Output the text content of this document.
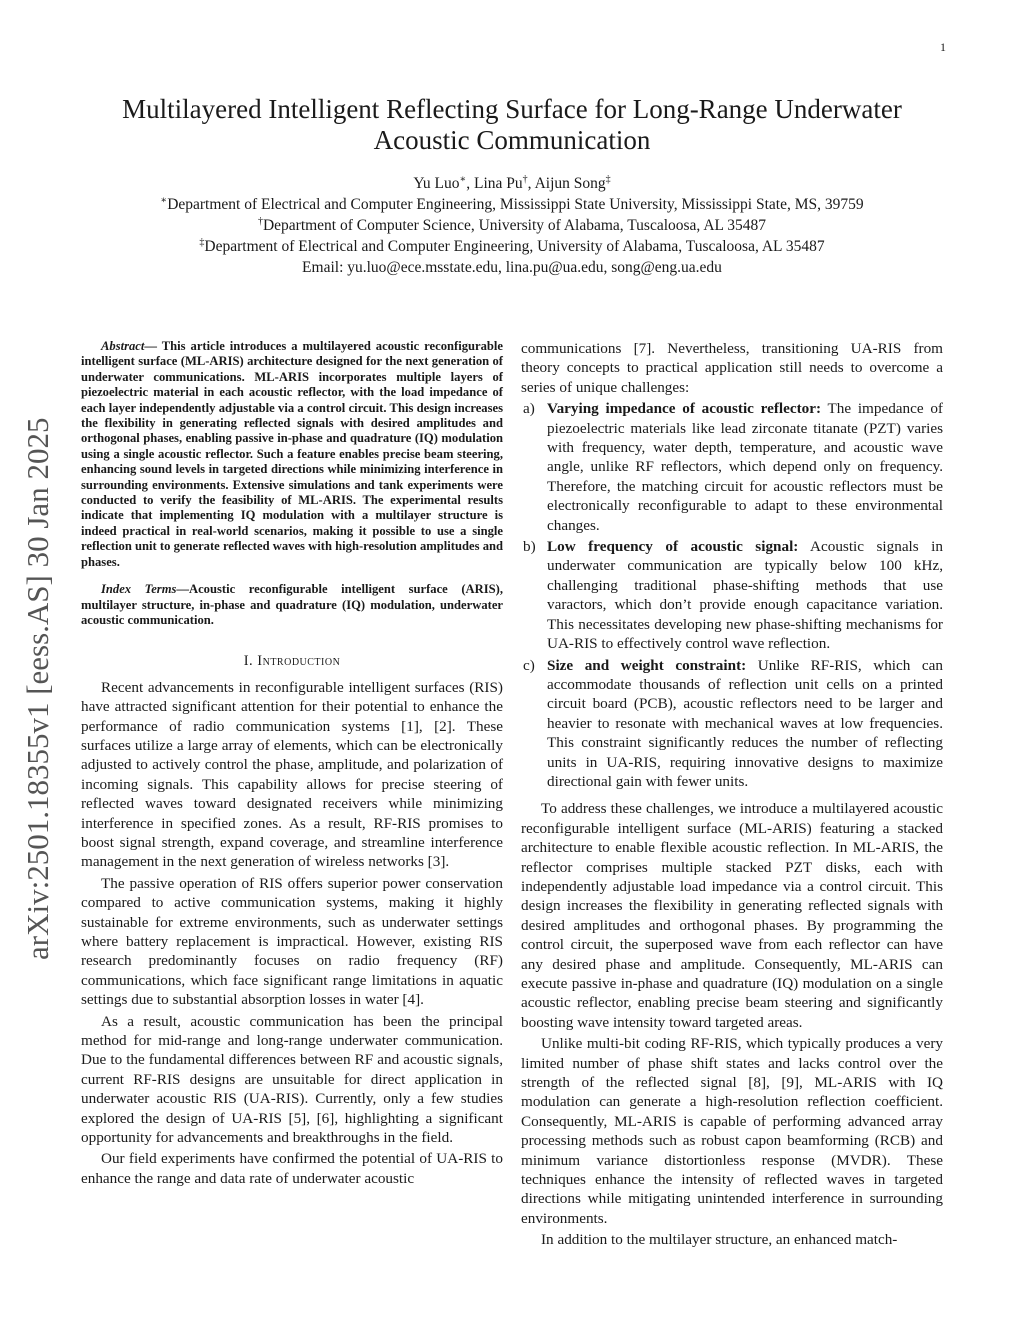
1
arXiv:2501.18355v1 [eess.AS] 30 Jan 2025
Multilayered Intelligent Reflecting Surface for Long-Range Underwater Acoustic Communication
Yu Luo∗, Lina Pu†, Aijun Song‡
∗Department of Electrical and Computer Engineering, Mississippi State University, Mississippi State, MS, 39759
†Department of Computer Science, University of Alabama, Tuscaloosa, AL 35487
‡Department of Electrical and Computer Engineering, University of Alabama, Tuscaloosa, AL 35487
Email: yu.luo@ece.msstate.edu, lina.pu@ua.edu, song@eng.ua.edu

Abstract— This article introduces a multilayered acoustic reconfigurable intelligent surface (ML-ARIS) architecture designed for the next generation of underwater communications. ML-ARIS incorporates multiple layers of piezoelectric material in each acoustic reflector, with the load impedance of each layer independently adjustable via a control circuit. This design increases the flexibility in generating reflected signals with desired amplitudes and orthogonal phases, enabling passive in-phase and quadrature (IQ) modulation using a single acoustic reflector. Such a feature enables precise beam steering, enhancing sound levels in targeted directions while minimizing interference in surrounding environments. Extensive simulations and tank experiments were conducted to verify the feasibility of ML-ARIS. The experimental results indicate that implementing IQ modulation with a multilayer structure is indeed practical in real-world scenarios, making it possible to use a single reflection unit to generate reflected waves with high-resolution amplitudes and phases.

Index Terms—Acoustic reconfigurable intelligent surface (ARIS), multilayer structure, in-phase and quadrature (IQ) modulation, underwater acoustic communication.

I. Introduction

Recent advancements in reconfigurable intelligent surfaces (RIS) have attracted significant attention for their potential to enhance the performance of radio communication systems [1], [2]. These surfaces utilize a large array of elements, which can be electronically adjusted to actively control the phase, amplitude, and polarization of incoming signals. This capability allows for precise steering of reflected waves toward designated receivers while minimizing interference in specified zones. As a result, RF-RIS promises to boost signal strength, expand coverage, and streamline interference management in the next generation of wireless networks [3].

The passive operation of RIS offers superior power conservation compared to active communication systems, making it highly sustainable for extreme environments, such as underwater settings where battery replacement is impractical. However, existing RIS research predominantly focuses on radio frequency (RF) communications, which face significant range limitations in aquatic settings due to substantial absorption losses in water [4].

As a result, acoustic communication has been the principal method for mid-range and long-range underwater communication. Due to the fundamental differences between RF and acoustic signals, current RF-RIS designs are unsuitable for direct application in underwater acoustic RIS (UA-RIS). Currently, only a few studies explored the design of UA-RIS [5], [6], highlighting a significant opportunity for advancements and breakthroughs in the field.

Our field experiments have confirmed the potential of UA-RIS to enhance the range and data rate of underwater acoustic

communications [7]. Nevertheless, transitioning UA-RIS from theory concepts to practical application still needs to overcome a series of unique challenges:

a) Varying impedance of acoustic reflector: The impedance of piezoelectric materials like lead zirconate titanate (PZT) varies with frequency, water depth, temperature, and acoustic wave angle, unlike RF reflectors, which depend only on frequency. Therefore, the matching circuit for acoustic reflectors must be electronically reconfigurable to adapt to these environmental changes.
b) Low frequency of acoustic signal: Acoustic signals in underwater communication are typically below 100 kHz, challenging traditional phase-shifting methods that use varactors, which don’t provide enough capacitance variation. This necessitates developing new phase-shifting mechanisms for UA-RIS to effectively control wave reflection.
c) Size and weight constraint: Unlike RF-RIS, which can accommodate thousands of reflection unit cells on a printed circuit board (PCB), acoustic reflectors need to be larger and heavier to resonate with mechanical waves at low frequencies. This constraint significantly reduces the number of reflecting units in UA-RIS, requiring innovative designs to maximize directional gain with fewer units.

To address these challenges, we introduce a multilayered acoustic reconfigurable intelligent surface (ML-ARIS) featuring a stacked architecture to enable flexible acoustic reflection. In ML-ARIS, the reflector comprises multiple stacked PZT disks, each with independently adjustable load impedance via a control circuit. This design increases the flexibility in generating reflected signals with desired amplitudes and orthogonal phases. By programming the control circuit, the superposed wave from each reflector can have any desired phase and amplitude. Consequently, ML-ARIS can execute passive in-phase and quadrature (IQ) modulation on a single acoustic reflector, enabling precise beam steering and significantly boosting wave intensity toward targeted areas.

Unlike multi-bit coding RF-RIS, which typically produces a very limited number of phase shift states and lacks control over the strength of the reflected signal [8], [9], ML-ARIS with IQ modulation can generate a high-resolution reflection coefficient. Consequently, ML-ARIS is capable of performing advanced array processing methods such as robust capon beamforming (RCB) and minimum variance distortionless response (MVDR). These techniques enhance the intensity of reflected waves in targeted directions while mitigating unintended interference in surrounding environments.

In addition to the multilayer structure, an enhanced match-
